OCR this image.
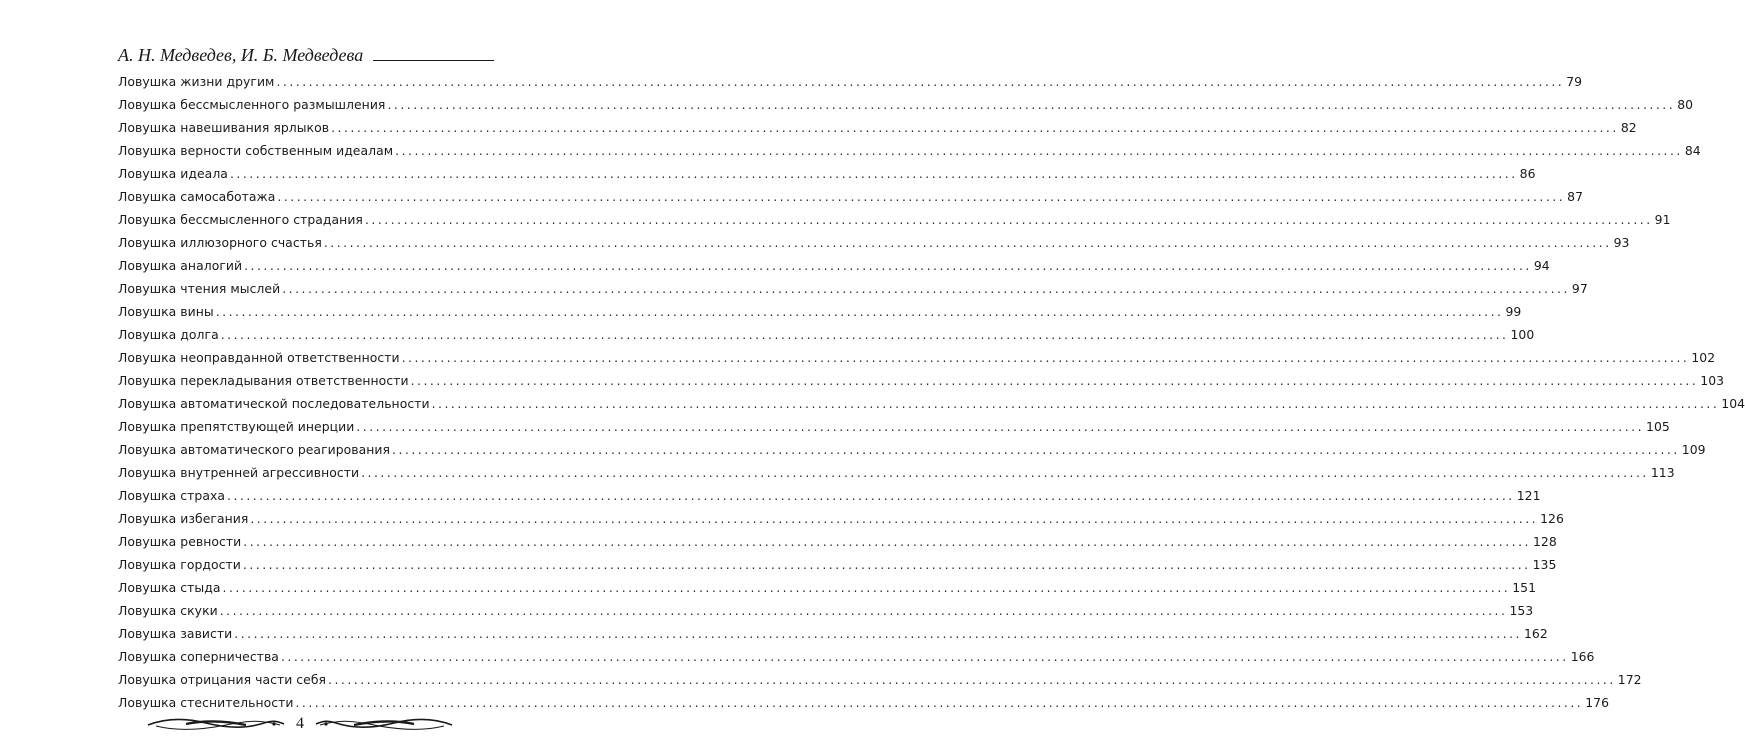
А. Н. Медведев, И. Б. Медведева
Ловушка жизни другим ........................................................................................................................................................................................................ 79
Ловушка бессмысленного размышления ........................................................................................................................................................................................................ 80
Ловушка навешивания ярлыков ........................................................................................................................................................................................................ 82
Ловушка верности собственным идеалам ........................................................................................................................................................................................................ 84
Ловушка идеала ........................................................................................................................................................................................................ 86
Ловушка самосаботажа ........................................................................................................................................................................................................ 87
Ловушка бессмысленного страдания ........................................................................................................................................................................................................ 91
Ловушка иллюзорного счастья ........................................................................................................................................................................................................ 93
Ловушка аналогий ........................................................................................................................................................................................................ 94
Ловушка чтения мыслей ........................................................................................................................................................................................................ 97
Ловушка вины ........................................................................................................................................................................................................ 99
Ловушка долга ........................................................................................................................................................................................................ 100
Ловушка неоправданной ответственности ........................................................................................................................................................................................................ 102
Ловушка перекладывания ответственности ........................................................................................................................................................................................................ 103
Ловушка автоматической последовательности ........................................................................................................................................................................................................ 104
Ловушка препятствующей инерции ........................................................................................................................................................................................................ 105
Ловушка автоматического реагирования ........................................................................................................................................................................................................ 109
Ловушка внутренней агрессивности ........................................................................................................................................................................................................ 113
Ловушка страха ........................................................................................................................................................................................................ 121
Ловушка избегания ........................................................................................................................................................................................................ 126
Ловушка ревности ........................................................................................................................................................................................................ 128
Ловушка гордости ........................................................................................................................................................................................................ 135
Ловушка стыда ........................................................................................................................................................................................................ 151
Ловушка скуки ........................................................................................................................................................................................................ 153
Ловушка зависти ........................................................................................................................................................................................................ 162
Ловушка соперничества ........................................................................................................................................................................................................ 166
Ловушка отрицания части себя ........................................................................................................................................................................................................ 172
Ловушка стеснительности ........................................................................................................................................................................................................ 176
4
